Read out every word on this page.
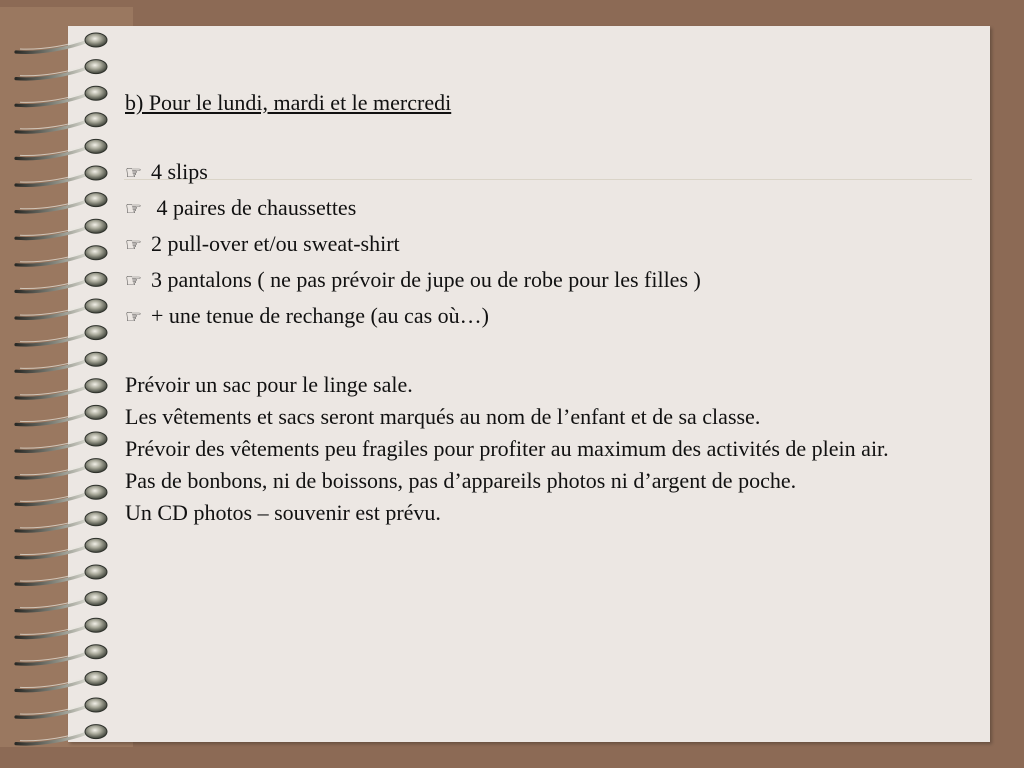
b) Pour le lundi, mardi et le mercredi

☞ 4 slips
☞ 4 paires de chaussettes
☞ 2 pull-over et/ou sweat-shirt
☞ 3 pantalons ( ne pas prévoir de jupe ou de robe pour les filles )
☞ + une tenue de rechange (au cas où…)

Prévoir un sac pour le linge sale.

Les vêtements et sacs seront marqués au nom de l’enfant et de sa classe.

Prévoir des vêtements peu fragiles pour profiter au maximum des activités de plein air.

Pas de bonbons, ni de boissons, pas d’appareils photos ni d’argent de poche.

Un CD photos – souvenir est prévu.
